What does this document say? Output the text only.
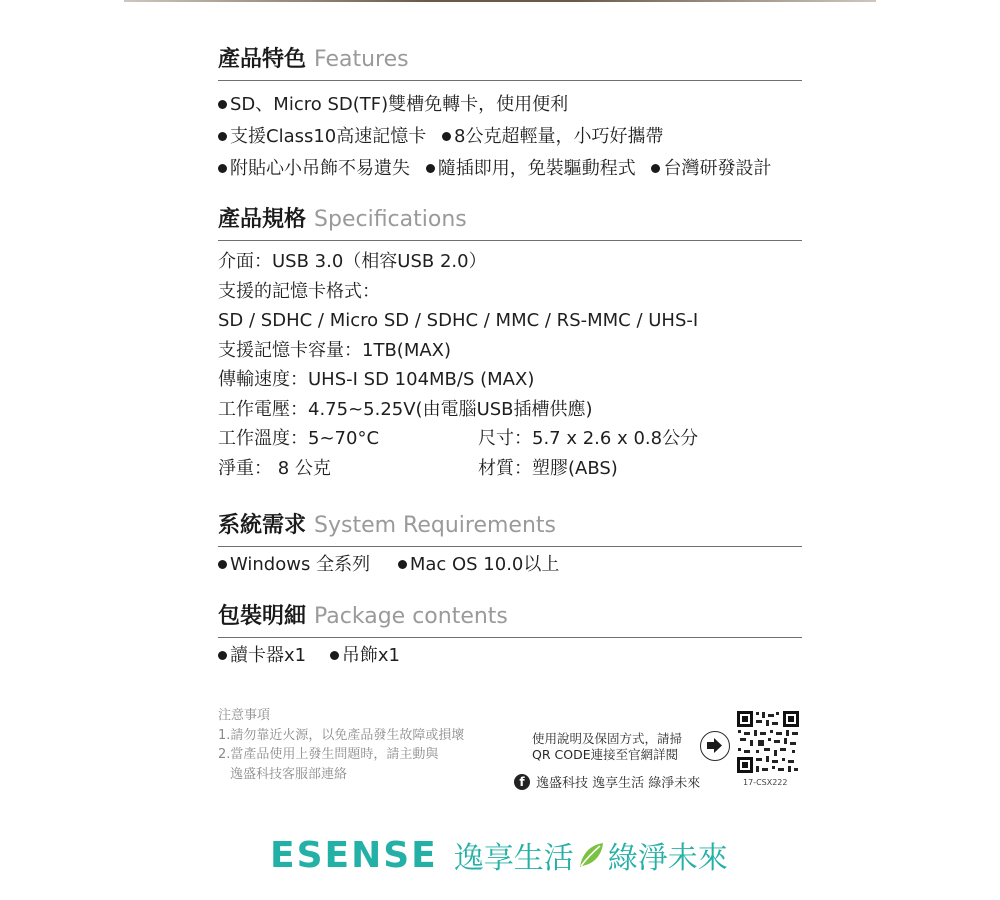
產品特色 Features
SD、Micro SD(TF)雙槽免轉卡，使用便利 支援Class10高速記憶卡 8公克超輕量，小巧好攜帶 附貼心小吊飾不易遺失 隨插即用，免裝驅動程式 台灣研發設計
產品規格 Specifications
介面：USB 3.0（相容USB 2.0）
支援的記憶卡格式：
SD / SDHC / Micro SD / SDHC / MMC / RS-MMC / UHS-I
支援記憶卡容量：1TB(MAX)
傳輸速度：UHS-I SD 104MB/S (MAX)
工作電壓：4.75~5.25V(由電腦USB插槽供應)
工作溫度：5~70°C	尺寸：5.7 x 2.6 x 0.8公分
淨重： 8 公克	材質：塑膠(ABS)
系統需求 System Requirements
Windows 全系列 Mac OS 10.0以上
包裝明細 Package contents
讀卡器x1 吊飾x1
注意事項
1.請勿靠近火源，以免產品發生故障或損壞
2.當產品使用上發生問題時，請主動與
逸盛科技客服部連絡
使用說明及保固方式，請掃
QR CODE連接至官網詳閱
17-CSX222
f 逸盛科技 逸享生活 綠淨未來
ESENSE 逸享生活 綠淨未來
